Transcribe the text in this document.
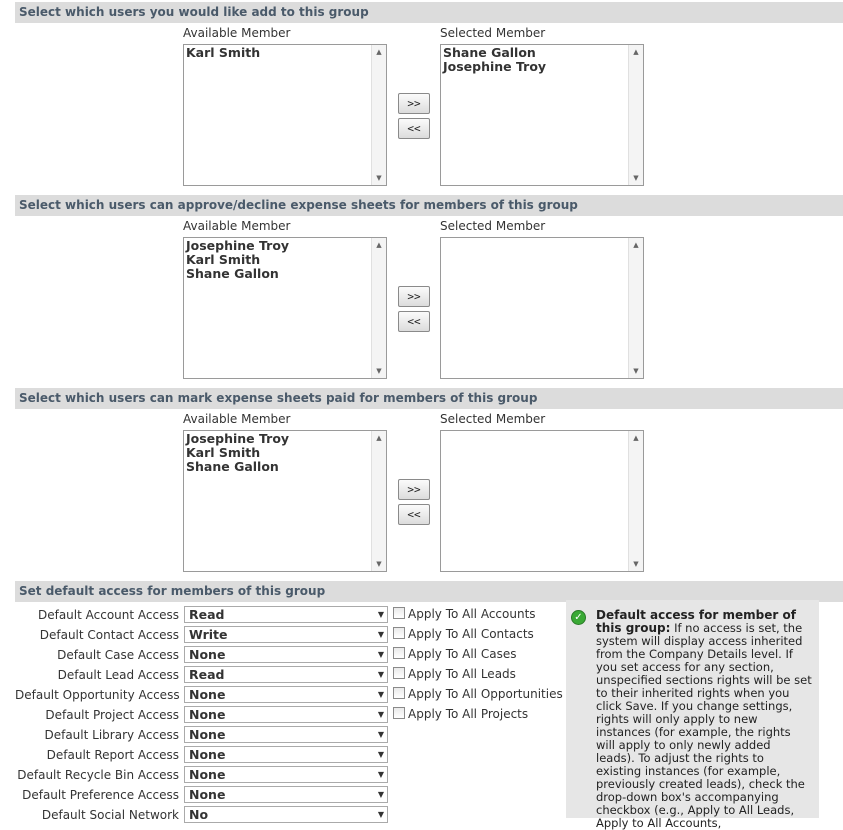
Select which users you would like add to this group
Available Member	Selected Member
Karl Smith	▲
▼
Shane Gallon
Josephine Troy
▲
▼
>>
<<
Select which users can approve/decline expense sheets for members of this group
Available Member	Selected Member
Josephine Troy
Karl Smith
Shane Gallon
▲
▼
▲
▼
>>
<<
Select which users can mark expense sheets paid for members of this group
Available Member	Selected Member
Josephine Troy
Karl Smith
Shane Gallon
▲
▼
▲
▼
>>
<<
Set default access for members of this group
Default Account Access Read	▼	Apply To All Accounts
Default Contact Access Write	▼	Apply To All Contacts
Default Case Access None	▼	Apply To All Cases
Default Lead Access Read	▼	Apply To All Leads
Default Opportunity Access None	▼	Apply To All Opportunities
Default Project Access None	▼	Apply To All Projects
Default Library Access None	▼
Default Report Access None	▼
Default Recycle Bin Access None	▼
Default Preference Access None	▼
Default Social Network No	▼
✓ Default access for member of this group: If no access is set, the system will display access inherited from the Company Details level. If you set access for any section, unspecified sections rights will be set to their inherited rights when you click Save. If you change settings, rights will only apply to new instances (for example, the rights will apply to only newly added leads). To adjust the rights to existing instances (for example, previously created leads), check the drop-down box's accompanying checkbox (e.g., Apply to All Leads, Apply to All Accounts,
